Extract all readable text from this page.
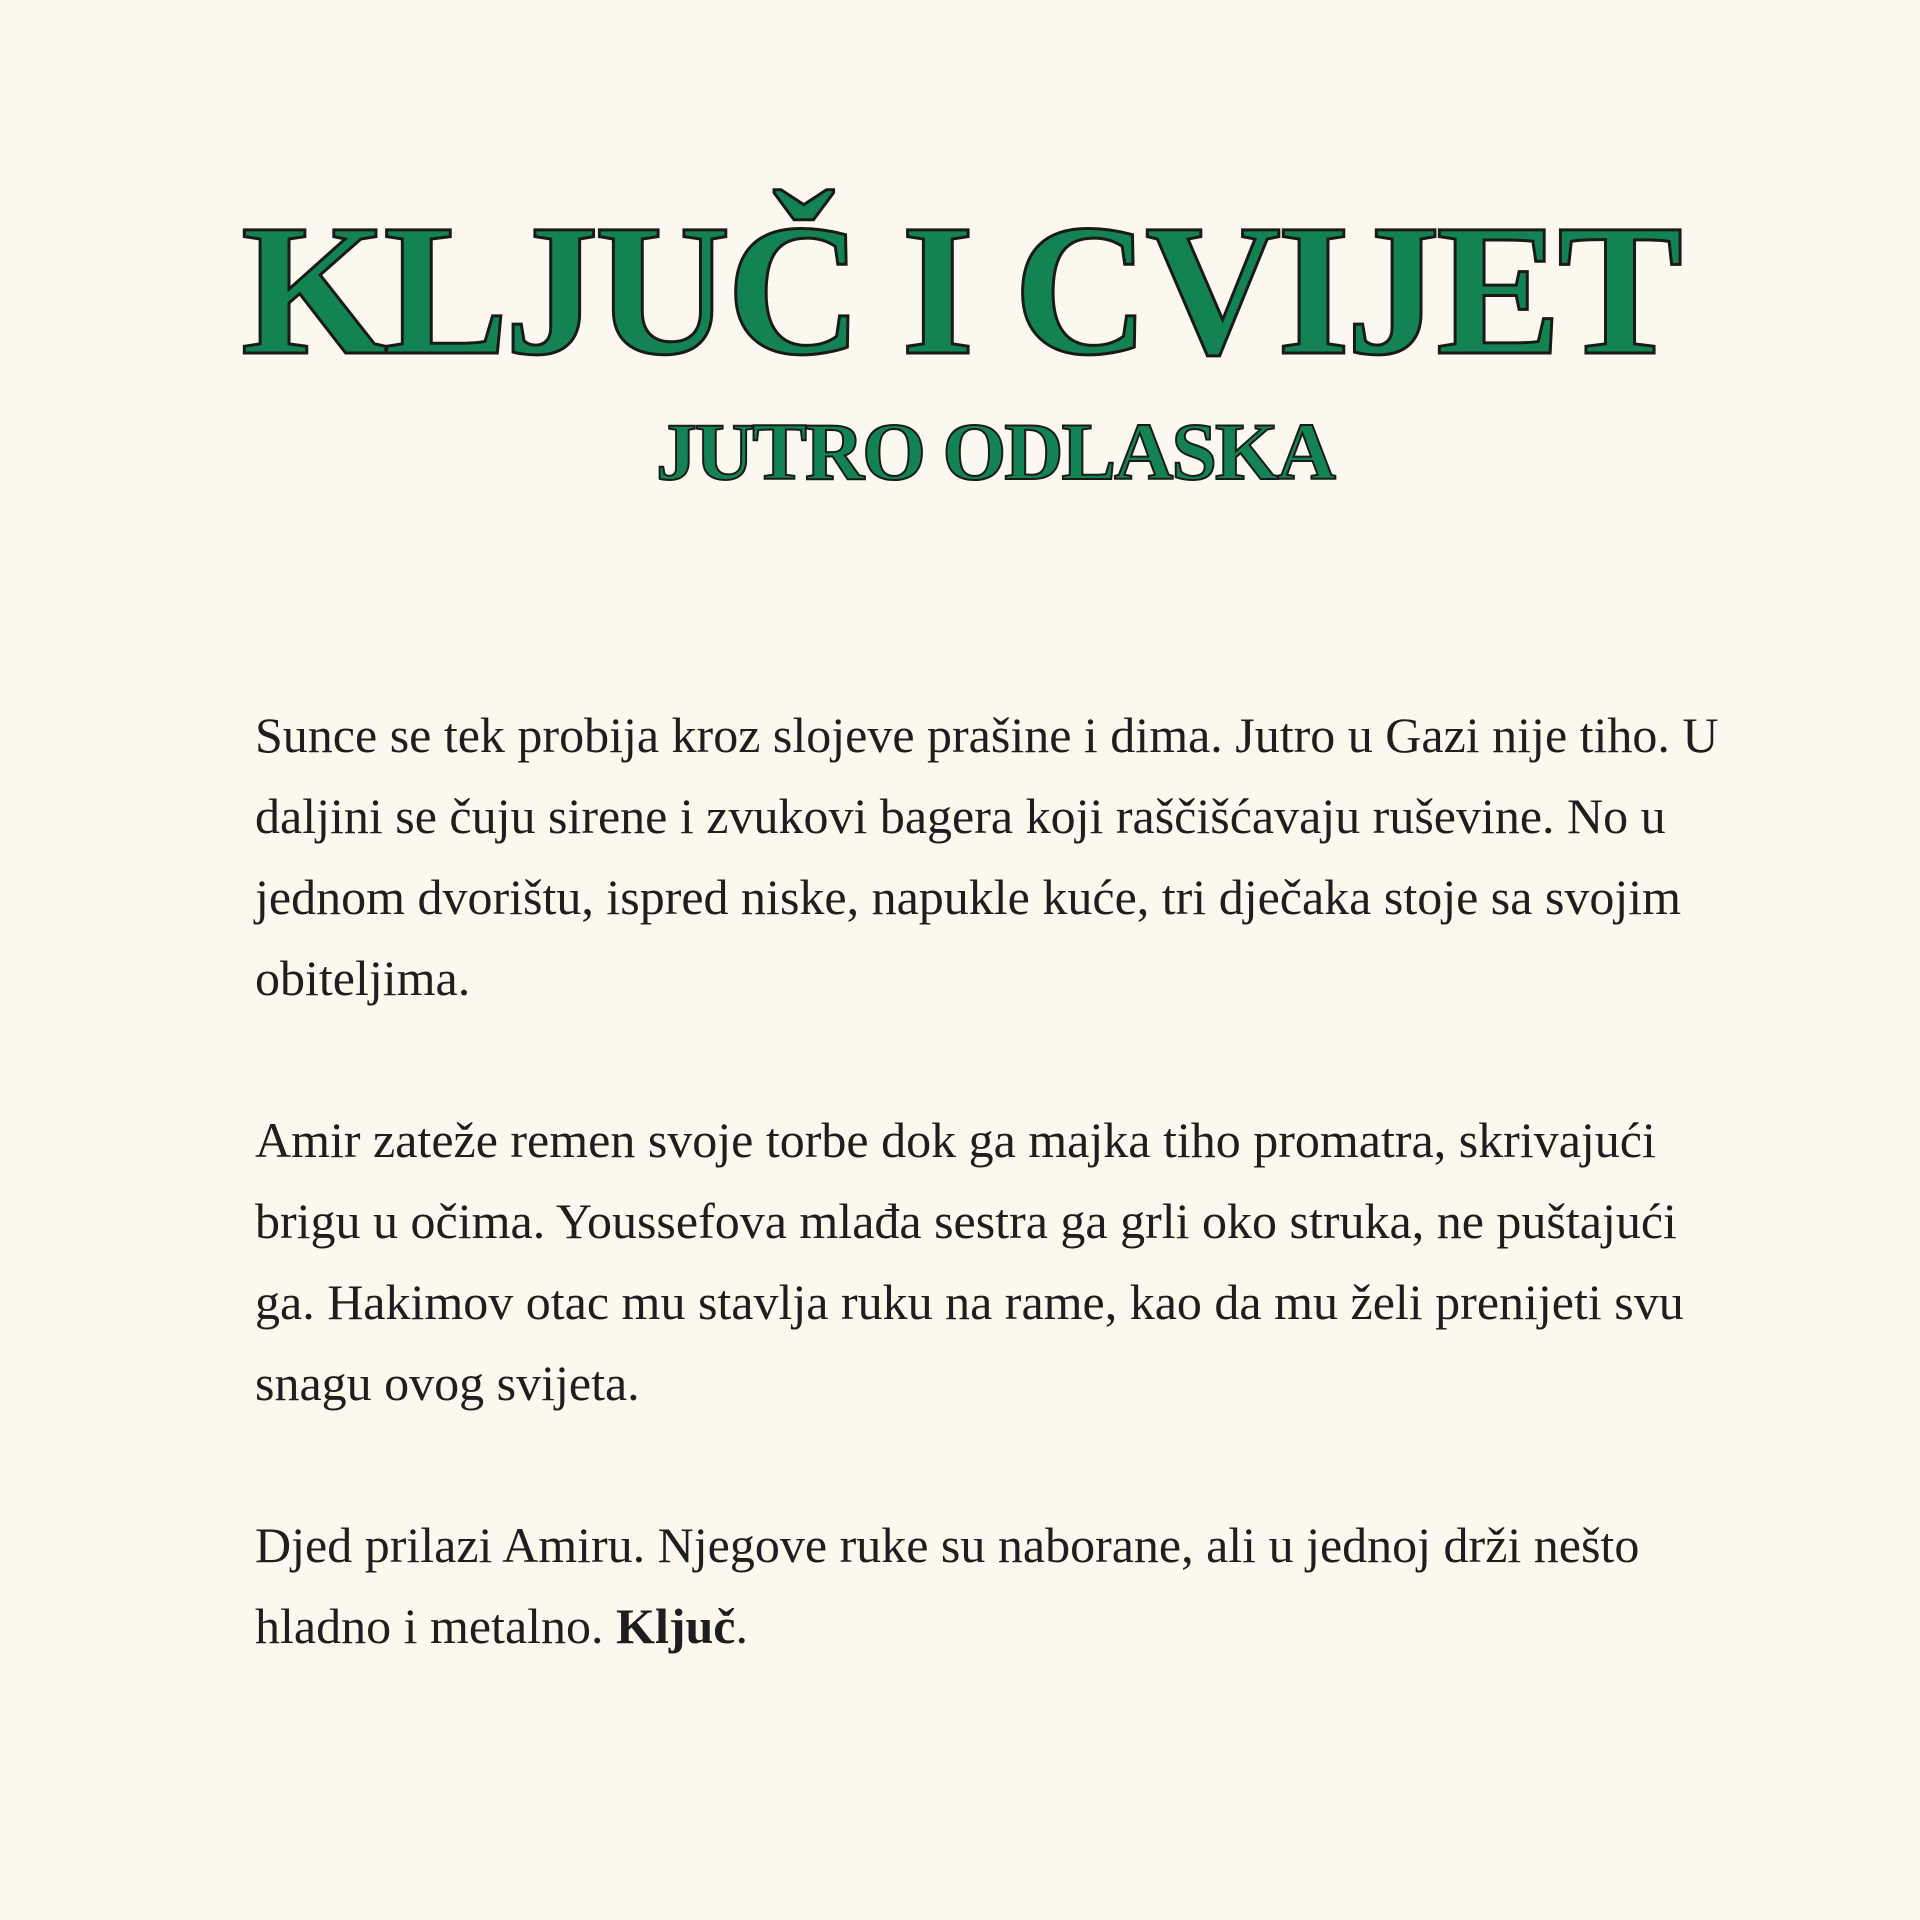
KLJUČ I CVIJET
JUTRO ODLASKA

Sunce se tek probija kroz slojeve prašine i dima. Jutro u Gazi nije tiho. U daljini se čuju sirene i zvukovi bagera koji raščišćavaju ruševine. No u jednom dvorištu, ispred niske, napukle kuće, tri dječaka stoje sa svojim obiteljima.

Amir zateže remen svoje torbe dok ga majka tiho promatra, skrivajući brigu u očima. Youssefova mlađa sestra ga grli oko struka, ne puštajući ga. Hakimov otac mu stavlja ruku na rame, kao da mu želi prenijeti svu snagu ovog svijeta.

Djed prilazi Amiru. Njegove ruke su naborane, ali u jednoj drži nešto hladno i metalno. Ključ.
